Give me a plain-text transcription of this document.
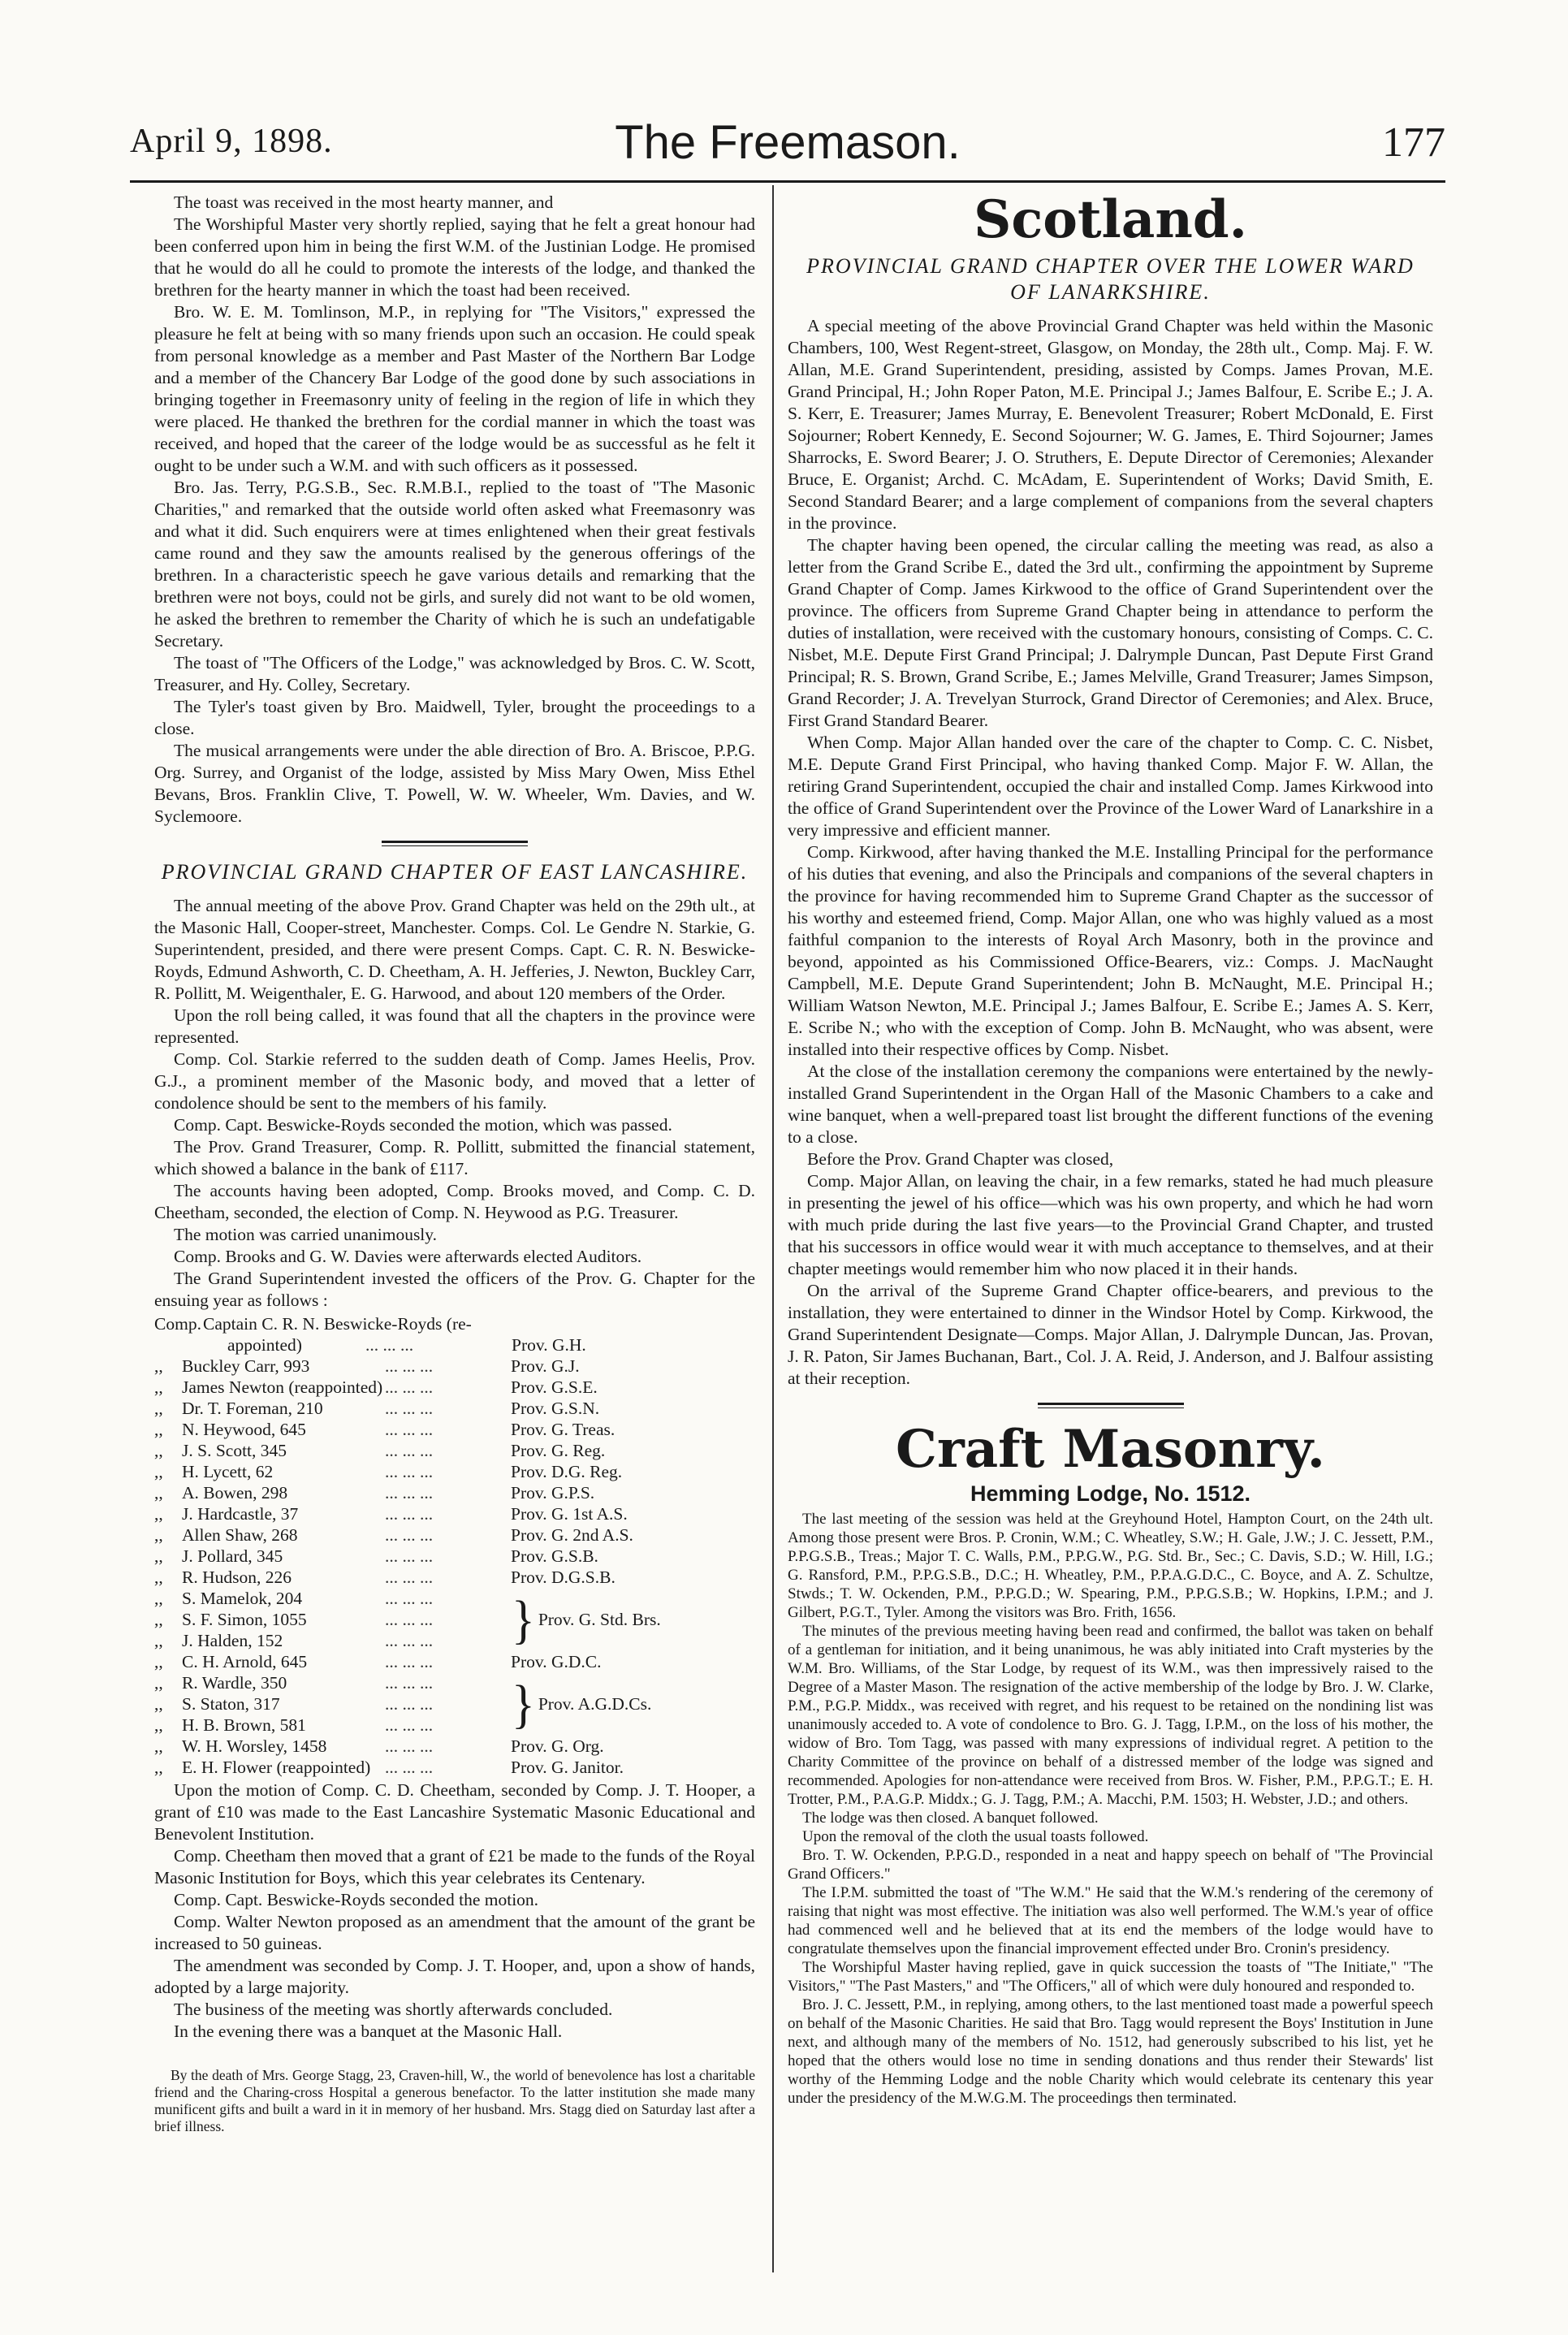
April 9, 1898.	The Freemason.	177

The toast was received in the most hearty manner, and

The Worshipful Master very shortly replied, saying that he felt a great honour had been conferred upon him in being the first W.M. of the Justinian Lodge. He promised that he would do all he could to promote the interests of the lodge, and thanked the brethren for the hearty manner in which the toast had been received.

Bro. W. E. M. Tomlinson, M.P., in replying for "The Visitors," expressed the pleasure he felt at being with so many friends upon such an occasion. He could speak from personal knowledge as a member and Past Master of the Northern Bar Lodge and a member of the Chancery Bar Lodge of the good done by such associations in bringing together in Freemasonry unity of feeling in the region of life in which they were placed. He thanked the brethren for the cordial manner in which the toast was received, and hoped that the career of the lodge would be as successful as he felt it ought to be under such a W.M. and with such officers as it possessed.

Bro. Jas. Terry, P.G.S.B., Sec. R.M.B.I., replied to the toast of "The Masonic Charities," and remarked that the outside world often asked what Freemasonry was and what it did. Such enquirers were at times enlightened when their great festivals came round and they saw the amounts realised by the generous offerings of the brethren. In a characteristic speech he gave various details and remarking that the brethren were not boys, could not be girls, and surely did not want to be old women, he asked the brethren to remember the Charity of which he is such an undefatigable Secretary.

The toast of "The Officers of the Lodge," was acknowledged by Bros. C. W. Scott, Treasurer, and Hy. Colley, Secretary.

The Tyler's toast given by Bro. Maidwell, Tyler, brought the proceedings to a close.

The musical arrangements were under the able direction of Bro. A. Briscoe, P.P.G. Org. Surrey, and Organist of the lodge, assisted by Miss Mary Owen, Miss Ethel Bevans, Bros. Franklin Clive, T. Powell, W. W. Wheeler, Wm. Davies, and W. Syclemoore.

PROVINCIAL GRAND CHAPTER OF EAST LANCASHIRE.

The annual meeting of the above Prov. Grand Chapter was held on the 29th ult., at the Masonic Hall, Cooper-street, Manchester. Comps. Col. Le Gendre N. Starkie, G. Superintendent, presided, and there were present Comps. Capt. C. R. N. Beswicke-Royds, Edmund Ashworth, C. D. Cheetham, A. H. Jefferies, J. Newton, Buckley Carr, R. Pollitt, M. Weigenthaler, E. G. Harwood, and about 120 members of the Order.

Upon the roll being called, it was found that all the chapters in the province were represented.

Comp. Col. Starkie referred to the sudden death of Comp. James Heelis, Prov. G.J., a prominent member of the Masonic body, and moved that a letter of condolence should be sent to the members of his family.

Comp. Capt. Beswicke-Royds seconded the motion, which was passed.

The Prov. Grand Treasurer, Comp. R. Pollitt, submitted the financial statement, which showed a balance in the bank of £117.

The accounts having been adopted, Comp. Brooks moved, and Comp. C. D. Cheetham, seconded, the election of Comp. N. Heywood as P.G. Treasurer.

The motion was carried unanimously.

Comp. Brooks and G. W. Davies were afterwards elected Auditors.

The Grand Superintendent invested the officers of the Prov. G. Chapter for the ensuing year as follows :

Comp. Captain C. R. N. Beswicke-Royds (re-
appointed)	... ... ...	Prov. G.H.
,,	Buckley Carr, 993	... ... ...	Prov. G.J.
,,	James Newton (reappointed) ... ... ...	Prov. G.S.E.
,,	Dr. T. Foreman, 210	... ... ...	Prov. G.S.N.
,,	N. Heywood, 645	... ... ...	Prov. G. Treas.
,,	J. S. Scott, 345	... ... ...	Prov. G. Reg.
,,	H. Lycett, 62	... ... ...	Prov. D.G. Reg.
,,	A. Bowen, 298	... ... ...	Prov. G.P.S.
,,	J. Hardcastle, 37	... ... ...	Prov. G. 1st A.S.
,,	Allen Shaw, 268	... ... ...	Prov. G. 2nd A.S.
,,	J. Pollard, 345	... ... ...	Prov. G.S.B.
,,	R. Hudson, 226	... ... ...	Prov. D.G.S.B.
,,	S. Mamelok, 204	... ... ...
,,	S. F. Simon, 1055	... ... ...
,,	J. Halden, 152	... ... ...	} Prov. G. Std. Brs.
,,	C. H. Arnold, 645	... ... ...	Prov. G.D.C.
,,	R. Wardle, 350	... ... ...
,,	S. Staton, 317	... ... ...
,,	H. B. Brown, 581	... ... ...	} Prov. A.G.D.Cs.
,,	W. H. Worsley, 1458	... ... ...	Prov. G. Org.
,,	E. H. Flower (reappointed) ... ... ...	Prov. G. Janitor.

Upon the motion of Comp. C. D. Cheetham, seconded by Comp. J. T. Hooper, a grant of £10 was made to the East Lancashire Systematic Masonic Educational and Benevolent Institution.

Comp. Cheetham then moved that a grant of £21 be made to the funds of the Royal Masonic Institution for Boys, which this year celebrates its Centenary.

Comp. Capt. Beswicke-Royds seconded the motion.

Comp. Walter Newton proposed as an amendment that the amount of the grant be increased to 50 guineas.

The amendment was seconded by Comp. J. T. Hooper, and, upon a show of hands, adopted by a large majority.

The business of the meeting was shortly afterwards concluded.

In the evening there was a banquet at the Masonic Hall.

By the death of Mrs. George Stagg, 23, Craven-hill, W., the world of benevolence has lost a charitable friend and the Charing-cross Hospital a generous benefactor. To the latter institution she made many munificent gifts and built a ward in it in memory of her husband. Mrs. Stagg died on Saturday last after a brief illness.

Scotland.
PROVINCIAL GRAND CHAPTER OVER THE LOWER WARD OF LANARKSHIRE.

A special meeting of the above Provincial Grand Chapter was held within the Masonic Chambers, 100, West Regent-street, Glasgow, on Monday, the 28th ult., Comp. Maj. F. W. Allan, M.E. Grand Superintendent, presiding, assisted by Comps. James Provan, M.E. Grand Principal, H.; John Roper Paton, M.E. Principal J.; James Balfour, E. Scribe E.; J. A. S. Kerr, E. Treasurer; James Murray, E. Benevolent Treasurer; Robert McDonald, E. First Sojourner; Robert Kennedy, E. Second Sojourner; W. G. James, E. Third Sojourner; James Sharrocks, E. Sword Bearer; J. O. Struthers, E. Depute Director of Ceremonies; Alexander Bruce, E. Organist; Archd. C. McAdam, E. Superintendent of Works; David Smith, E. Second Standard Bearer; and a large complement of companions from the several chapters in the province.

The chapter having been opened, the circular calling the meeting was read, as also a letter from the Grand Scribe E., dated the 3rd ult., confirming the appointment by Supreme Grand Chapter of Comp. James Kirkwood to the office of Grand Superintendent over the province. The officers from Supreme Grand Chapter being in attendance to perform the duties of installation, were received with the customary honours, consisting of Comps. C. C. Nisbet, M.E. Depute First Grand Principal; J. Dalrymple Duncan, Past Depute First Grand Principal; R. S. Brown, Grand Scribe, E.; James Melville, Grand Treasurer; James Simpson, Grand Recorder; J. A. Trevelyan Sturrock, Grand Director of Ceremonies; and Alex. Bruce, First Grand Standard Bearer.

When Comp. Major Allan handed over the care of the chapter to Comp. C. C. Nisbet, M.E. Depute Grand First Principal, who having thanked Comp. Major F. W. Allan, the retiring Grand Superintendent, occupied the chair and installed Comp. James Kirkwood into the office of Grand Superintendent over the Province of the Lower Ward of Lanarkshire in a very impressive and efficient manner.

Comp. Kirkwood, after having thanked the M.E. Installing Principal for the performance of his duties that evening, and also the Principals and companions of the several chapters in the province for having recommended him to Supreme Grand Chapter as the successor of his worthy and esteemed friend, Comp. Major Allan, one who was highly valued as a most faithful companion to the interests of Royal Arch Masonry, both in the province and beyond, appointed as his Commissioned Office-Bearers, viz.: Comps. J. MacNaught Campbell, M.E. Depute Grand Superintendent; John B. McNaught, M.E. Principal H.; William Watson Newton, M.E. Principal J.; James Balfour, E. Scribe E.; James A. S. Kerr, E. Scribe N.; who with the exception of Comp. John B. McNaught, who was absent, were installed into their respective offices by Comp. Nisbet.

At the close of the installation ceremony the companions were entertained by the newly-installed Grand Superintendent in the Organ Hall of the Masonic Chambers to a cake and wine banquet, when a well-prepared toast list brought the different functions of the evening to a close.

Before the Prov. Grand Chapter was closed,

Comp. Major Allan, on leaving the chair, in a few remarks, stated he had much pleasure in presenting the jewel of his office—which was his own property, and which he had worn with much pride during the last five years—to the Provincial Grand Chapter, and trusted that his successors in office would wear it with much acceptance to themselves, and at their chapter meetings would remember him who now placed it in their hands.

On the arrival of the Supreme Grand Chapter office-bearers, and previous to the installation, they were entertained to dinner in the Windsor Hotel by Comp. Kirkwood, the Grand Superintendent Designate—Comps. Major Allan, J. Dalrymple Duncan, Jas. Provan, J. R. Paton, Sir James Buchanan, Bart., Col. J. A. Reid, J. Anderson, and J. Balfour assisting at their reception.

Craft Masonry.
Hemming Lodge, No. 1512.

The last meeting of the session was held at the Greyhound Hotel, Hampton Court, on the 24th ult. Among those present were Bros. P. Cronin, W.M.; C. Wheatley, S.W.; H. Gale, J.W.; J. C. Jessett, P.M., P.P.G.S.B., Treas.; Major T. C. Walls, P.M., P.P.G.W., P.G. Std. Br., Sec.; C. Davis, S.D.; W. Hill, I.G.; G. Ransford, P.M., P.P.G.S.B., D.C.; H. Wheatley, P.M., P.P.A.G.D.C., C. Boyce, and A. Z. Schultze, Stwds.; T. W. Ockenden, P.M., P.P.G.D.; W. Spearing, P.M., P.P.G.S.B.; W. Hopkins, I.P.M.; and J. Gilbert, P.G.T., Tyler. Among the visitors was Bro. Frith, 1656.

The minutes of the previous meeting having been read and confirmed, the ballot was taken on behalf of a gentleman for initiation, and it being unanimous, he was ably initiated into Craft mysteries by the W.M. Bro. Williams, of the Star Lodge, by request of its W.M., was then impressively raised to the Degree of a Master Mason. The resignation of the active membership of the lodge by Bro. J. W. Clarke, P.M., P.G.P. Middx., was received with regret, and his request to be retained on the nondining list was unanimously acceded to. A vote of condolence to Bro. G. J. Tagg, I.P.M., on the loss of his mother, the widow of Bro. Tom Tagg, was passed with many expressions of individual regret. A petition to the Charity Committee of the province on behalf of a distressed member of the lodge was signed and recommended. Apologies for non-attendance were received from Bros. W. Fisher, P.M., P.P.G.T.; E. H. Trotter, P.M., P.A.G.P. Middx.; G. J. Tagg, P.M.; A. Macchi, P.M. 1503; H. Webster, J.D.; and others.

The lodge was then closed. A banquet followed.

Upon the removal of the cloth the usual toasts followed.

Bro. T. W. Ockenden, P.P.G.D., responded in a neat and happy speech on behalf of "The Provincial Grand Officers."

The I.P.M. submitted the toast of "The W.M." He said that the W.M.'s rendering of the ceremony of raising that night was most effective. The initiation was also well performed. The W.M.'s year of office had commenced well and he believed that at its end the members of the lodge would have to congratulate themselves upon the financial improvement effected under Bro. Cronin's presidency.

The Worshipful Master having replied, gave in quick succession the toasts of "The Initiate," "The Visitors," "The Past Masters," and "The Officers," all of which were duly honoured and responded to.

Bro. J. C. Jessett, P.M., in replying, among others, to the last mentioned toast made a powerful speech on behalf of the Masonic Charities. He said that Bro. Tagg would represent the Boys' Institution in June next, and although many of the members of No. 1512, had generously subscribed to his list, yet he hoped that the others would lose no time in sending donations and thus render their Stewards' list worthy of the Hemming Lodge and the noble Charity which would celebrate its centenary this year under the presidency of the M.W.G.M. The proceedings then terminated.
